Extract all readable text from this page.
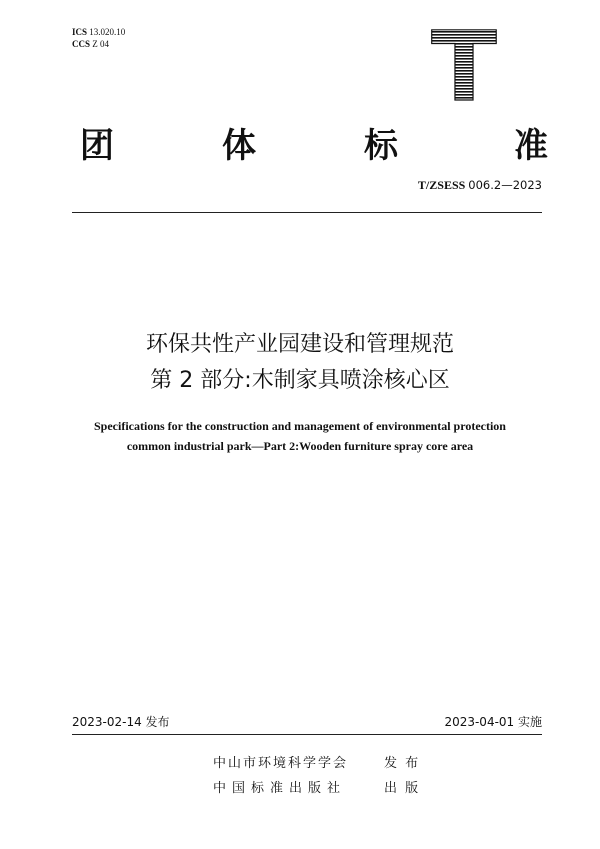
ICS 13.020.10
CCS Z 04	T
团	体	标	准
T/ZSESS 006.2—2023
环保共性产业园建设和管理规范
第 2 部分:木制家具喷涂核心区
Specifications for the construction and management of environmental protection
common industrial park—Part 2:Wooden furniture spray core area
2023-02-14 发布	2023-04-01 实施
中山市环境科学学会	发 布
中国标准出版社	出 版
